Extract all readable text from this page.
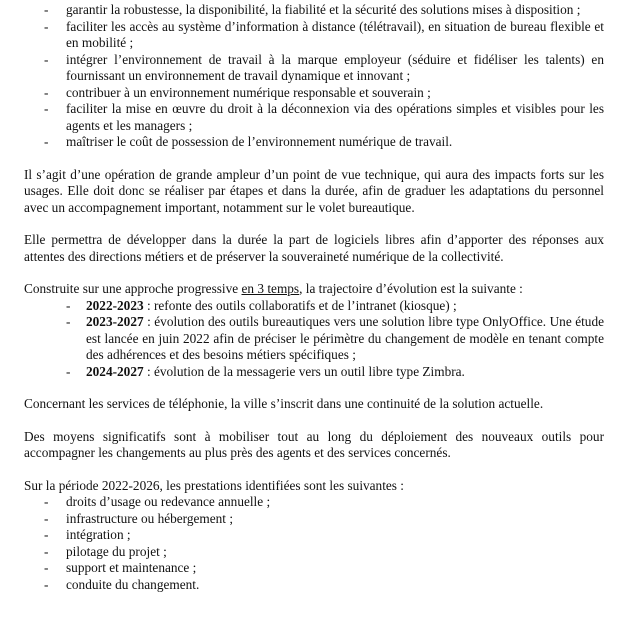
- garantir la robustesse, la disponibilité, la fiabilité et la sécurité des solutions mises à disposition ;
- faciliter les accès au système d’information à distance (télétravail), en situation de bureau flexible et en mobilité ;
- intégrer l’environnement de travail à la marque employeur (séduire et fidéliser les talents) en fournissant un environnement de travail dynamique et innovant ;
- contribuer à un environnement numérique responsable et souverain ;
- faciliter la mise en œuvre du droit à la déconnexion via des opérations simples et visibles pour les agents et les managers ;
- maîtriser le coût de possession de l’environnement numérique de travail.

Il s’agit d’une opération de grande ampleur d’un point de vue technique, qui aura des impacts forts sur les usages. Elle doit donc se réaliser par étapes et dans la durée, afin de graduer les adaptations du personnel avec un accompagnement important, notamment sur le volet bureautique.

Elle permettra de développer dans la durée la part de logiciels libres afin d’apporter des réponses aux attentes des directions métiers et de préserver la souveraineté numérique de la collectivité.

Construite sur une approche progressive en 3 temps, la trajectoire d’évolution est la suivante :

- 2022-2023 : refonte des outils collaboratifs et de l’intranet (kiosque) ;
- 2023-2027 : évolution des outils bureautiques vers une solution libre type OnlyOffice. Une étude est lancée en juin 2022 afin de préciser le périmètre du changement de modèle en tenant compte des adhérences et des besoins métiers spécifiques ;
- 2024-2027 : évolution de la messagerie vers un outil libre type Zimbra.

Concernant les services de téléphonie, la ville s’inscrit dans une continuité de la solution actuelle.

Des moyens significatifs sont à mobiliser tout au long du déploiement des nouveaux outils pour accompagner les changements au plus près des agents et des services concernés.

Sur la période 2022-2026, les prestations identifiées sont les suivantes :

- droits d’usage ou redevance annuelle ;
- infrastructure ou hébergement ;
- intégration ;
- pilotage du projet ;
- support et maintenance ;
- conduite du changement.
